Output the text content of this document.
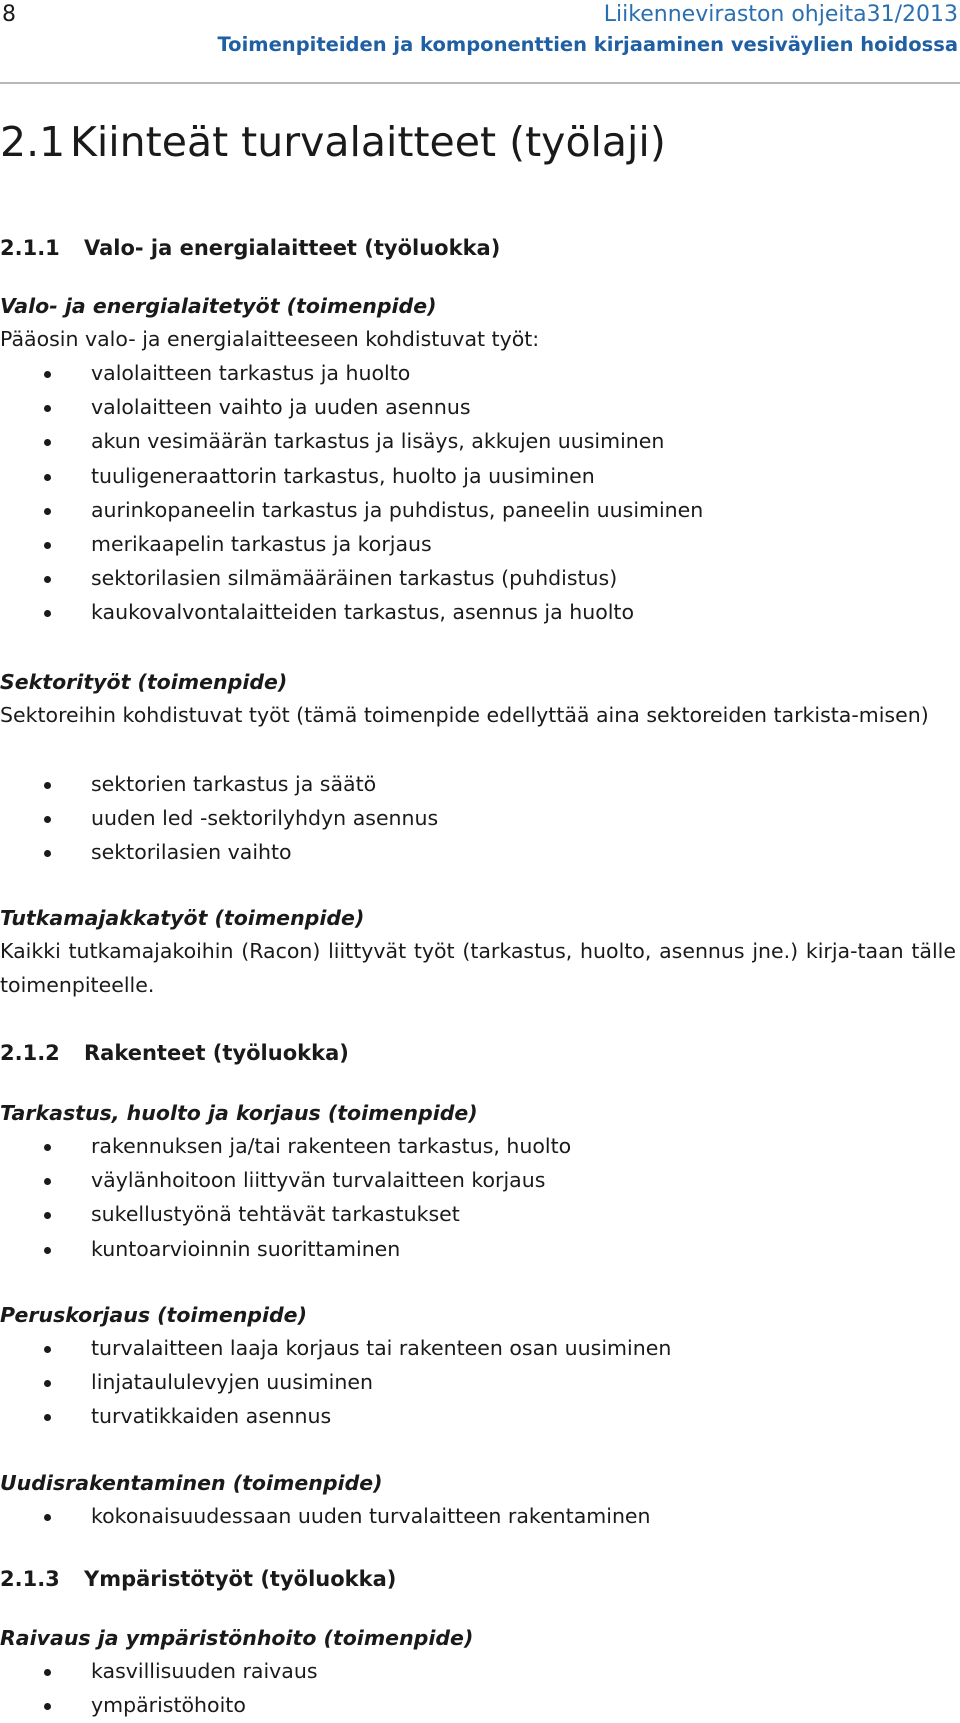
8	Liikenneviraston ohjeita31/2013
Toimenpiteiden ja komponenttien kirjaaminen vesiväylien hoidossa
2.1 Kiinteät turvalaitteet (työlaji)
2.1.1 Valo- ja energialaitteet (työluokka)
Valo- ja energialaitetyöt (toimenpide)
Pääosin valo- ja energialaitteeseen kohdistuvat työt:
valolaitteen tarkastus ja huolto
valolaitteen vaihto ja uuden asennus
akun vesimäärän tarkastus ja lisäys, akkujen uusiminen
tuuligeneraattorin tarkastus, huolto ja uusiminen
aurinkopaneelin tarkastus ja puhdistus, paneelin uusiminen
merikaapelin tarkastus ja korjaus
sektorilasien silmämääräinen tarkastus (puhdistus)
kaukovalvontalaitteiden tarkastus, asennus ja huolto
Sektorityöt (toimenpide)
Sektoreihin kohdistuvat työt (tämä toimenpide edellyttää aina sektoreiden tarkista-misen)
sektorien tarkastus ja säätö
uuden led -sektorilyhdyn asennus
sektorilasien vaihto
Tutkamajakkatyöt (toimenpide)
Kaikki tutkamajakoihin (Racon) liittyvät työt (tarkastus, huolto, asennus jne.) kirja-taan tälle toimenpiteelle.
2.1.2 Rakenteet (työluokka)
Tarkastus, huolto ja korjaus (toimenpide)
rakennuksen ja/tai rakenteen tarkastus, huolto
väylänhoitoon liittyvän turvalaitteen korjaus
sukellustyönä tehtävät tarkastukset
kuntoarvioinnin suorittaminen
Peruskorjaus (toimenpide)
turvalaitteen laaja korjaus tai rakenteen osan uusiminen
linjataululevyjen uusiminen
turvatikkaiden asennus
Uudisrakentaminen (toimenpide)
kokonaisuudessaan uuden turvalaitteen rakentaminen
2.1.3 Ympäristötyöt (työluokka)
Raivaus ja ympäristönhoito (toimenpide)
kasvillisuuden raivaus
ympäristöhoito
